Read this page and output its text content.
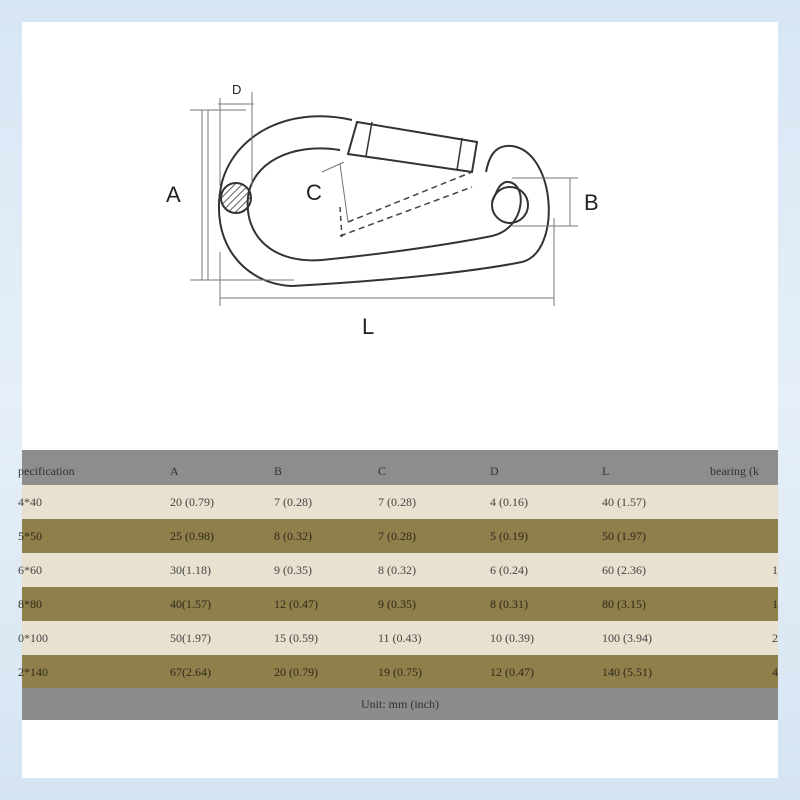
A
D
C	B
L
pecification	A	B	C	D	L	bearing (k
4*40	20 (0.79)	7 (0.28)	7 (0.28)	4 (0.16)	40 (1.57)
5*50	25 (0.98)	8 (0.32)	7 (0.28)	5 (0.19)	50 (1.97)
6*60	30(1.18)	9 (0.35)	8 (0.32)	6 (0.24)	60 (2.36)	1
8*80	40(1.57)	12 (0.47)	9 (0.35)	8 (0.31)	80 (3.15)	1
0*100	50(1.97)	15 (0.59)	11 (0.43)	10 (0.39)	100 (3.94)	2
2*140	67(2.64)	20 (0.79)	19 (0.75)	12 (0.47)	140 (5.51)	4
Unit: mm (inch)
